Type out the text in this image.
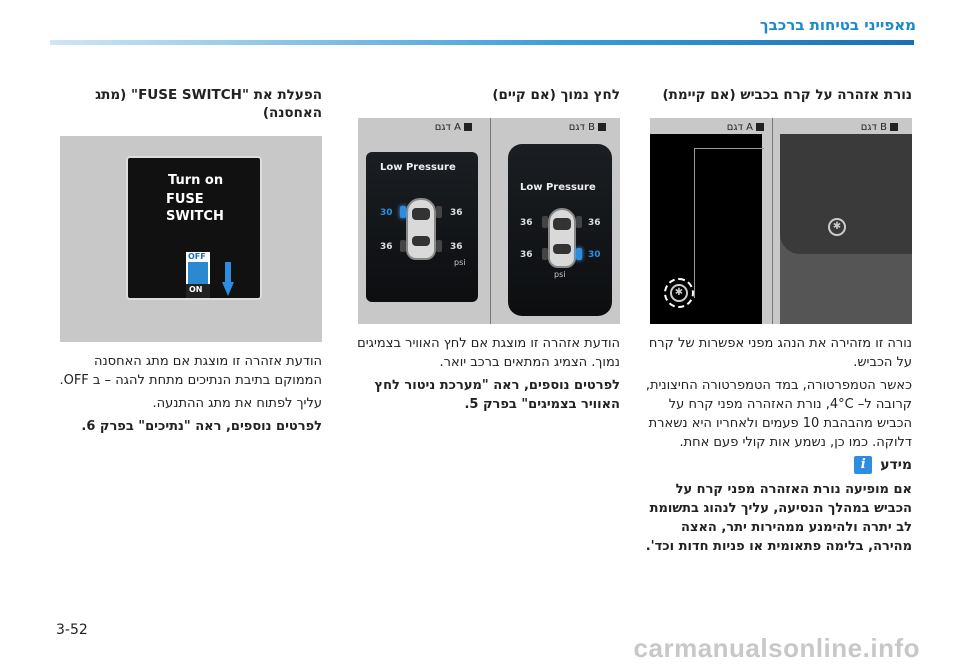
מאפייני בטיחות ברכבך
נורת אזהרה על קרח בכביש (אם קיימת)
B דגם
A דגם
✱
✱

נורה זו מזהירה את הנהג מפני אפשרות של קרח על הכביש.

כאשר הטמפרטורה, במד הטמפרטורה החיצונית, קרובה ל– 4°C, נורת האזהרה מפני קרח על הכביש מהבהבת 10 פעמים ולאחריו היא נשארת דלוקה. כמו כן, נשמע אות קולי פעם אחת.

מידע
i

אם מופיעה נורת האזהרה מפני קרח על הכביש במהלך הנסיעה, עליך לנהוג בתשומת לב יתרה ולהימנע ממהירות יתר, האצה מהירה, בלימה פתאומית או פניות חדות וכד'.

לחץ נמוך (אם קיים)
B דגם
A דגם
Low Pressure
30	36
36	36
psi
Low Pressure
36	36
36	30
psi

הודעת אזהרה זו מוצגת אם לחץ האוויר בצמיגים נמוך. הצמיג המתאים ברכב יואר.

לפרטים נוספים, ראה "מערכת ניטור לחץ האוויר בצמיגים" בפרק 5.

הפעלת את "FUSE SWITCH" (מתג האחסנה)
Turn on
FUSE SWITCH
OFF
ON

הודעת אזהרה זו מוצגת אם מתג האחסנה הממוקם בתיבת הנתיכים מתחת להגה – ב OFF.

עליך לפתוח את מתג ההתנעה.

לפרטים נוספים, ראה "נתיכים" בפרק 6.

3-52
carmanualsonline.info
